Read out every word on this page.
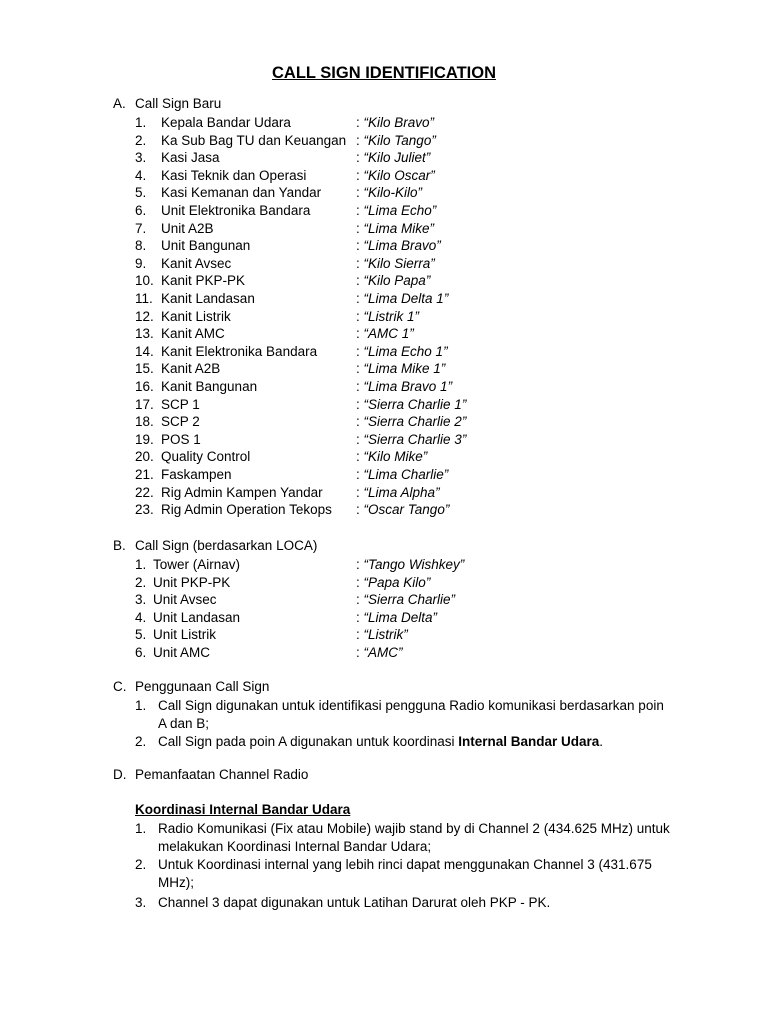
CALL SIGN IDENTIFICATION
A. Call Sign Baru
1. Kepala Bandar Udara	: “Kilo Bravo”
2. Ka Sub Bag TU dan Keuangan : “Kilo Tango”
3. Kasi Jasa	: “Kilo Juliet”
4. Kasi Teknik dan Operasi	: “Kilo Oscar”
5. Kasi Kemanan dan Yandar	: “Kilo-Kilo”
6. Unit Elektronika Bandara	: “Lima Echo”
7. Unit A2B	: “Lima Mike”
8. Unit Bangunan	: “Lima Bravo”
9. Kanit Avsec	: “Kilo Sierra”
10. Kanit PKP-PK	: “Kilo Papa”
11. Kanit Landasan	: “Lima Delta 1”
12. Kanit Listrik	: “Listrik 1”
13. Kanit AMC	: “AMC 1”
14. Kanit Elektronika Bandara	: “Lima Echo 1”
15. Kanit A2B	: “Lima Mike 1”
16. Kanit Bangunan	: “Lima Bravo 1”
17. SCP 1	: “Sierra Charlie 1”
18. SCP 2	: “Sierra Charlie 2”
19. POS 1	: “Sierra Charlie 3”
20. Quality Control	: “Kilo Mike”
21. Faskampen	: “Lima Charlie”
22. Rig Admin Kampen Yandar : “Lima Alpha”
23. Rig Admin Operation Tekops : “Oscar Tango”
B. Call Sign (berdasarkan LOCA)
1. Tower (Airnav)	: “Tango Wishkey”
2. Unit PKP-PK	: “Papa Kilo”
3. Unit Avsec	: “Sierra Charlie”
4. Unit Landasan	: “Lima Delta”
5. Unit Listrik	: “Listrik”
6. Unit AMC	: “AMC”
C. Penggunaan Call Sign
1. Call Sign digunakan untuk identifikasi pengguna Radio komunikasi berdasarkan poin
A dan B;
2. Call Sign pada poin A digunakan untuk koordinasi Internal Bandar Udara.
D. Pemanfaatan Channel Radio
Koordinasi Internal Bandar Udara
1. Radio Komunikasi (Fix atau Mobile) wajib stand by di Channel 2 (434.625 MHz) untuk
melakukan Koordinasi Internal Bandar Udara;
2. Untuk Koordinasi internal yang lebih rinci dapat menggunakan Channel 3 (431.675
MHz);
3. Channel 3 dapat digunakan untuk Latihan Darurat oleh PKP - PK.
